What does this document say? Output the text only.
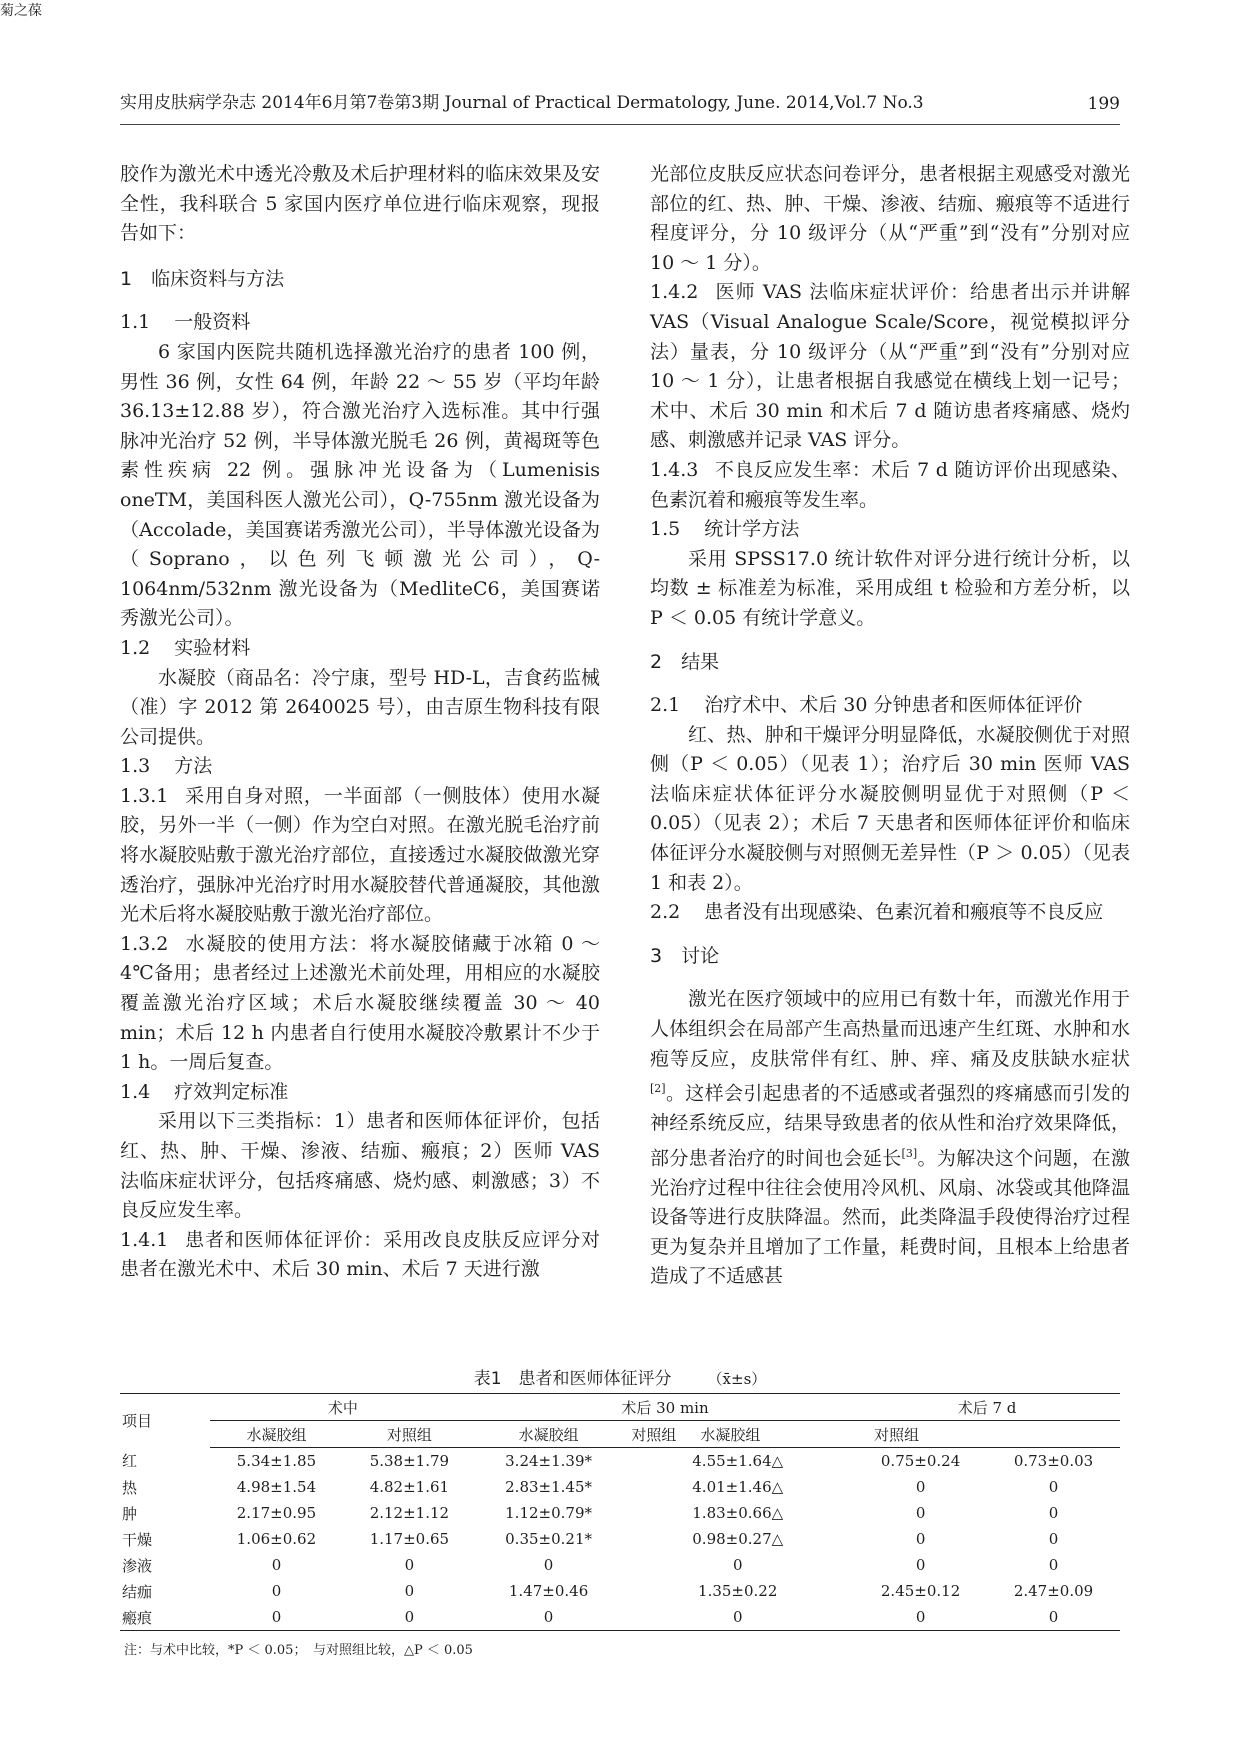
菊之葆
实用皮肤病学杂志 2014年6月第7卷第3期 Journal of Practical Dermatology, June. 2014,Vol.7 No.3	199

胶作为激光术中透光冷敷及术后护理材料的临床效果及安全性，我科联合 5 家国内医疗单位进行临床观察，现报告如下：

1　 临床资料与方法

1.1 一般资料

6 家国内医院共随机选择激光治疗的患者 100 例，男性 36 例，女性 64 例，年龄 22 ～ 55 岁（平均年龄 36.13±12.88 岁），符合激光治疗入选标准。其中行强脉冲光治疗 52 例，半导体激光脱毛 26 例，黄褐斑等色素性疾病 22 例。强脉冲光设备为（Lumenisis oneTM，美国科医人激光公司），Q-755nm 激光设备为（Accolade，美国赛诺秀激光公司），半导体激光设备为（Soprano，以色列飞顿激光公司），Q-1064nm/532nm 激光设备为（MedliteC6，美国赛诺秀激光公司）。

1.2 实验材料

水凝胶（商品名：冷宁康，型号 HD-L，吉食药监械（准）字 2012 第 2640025 号），由吉原生物科技有限公司提供。

1.3 方法

1.3.1 采用自身对照，一半面部（一侧肢体）使用水凝胶，另外一半（一侧）作为空白对照。在激光脱毛治疗前将水凝胶贴敷于激光治疗部位，直接透过水凝胶做激光穿透治疗，强脉冲光治疗时用水凝胶替代普通凝胶，其他激光术后将水凝胶贴敷于激光治疗部位。

1.3.2 水凝胶的使用方法：将水凝胶储藏于冰箱 0 ～ 4℃备用；患者经过上述激光术前处理，用相应的水凝胶覆盖激光治疗区域；术后水凝胶继续覆盖 30 ～ 40 min；术后 12 h 内患者自行使用水凝胶冷敷累计不少于 1 h。一周后复查。

1.4 疗效判定标准

采用以下三类指标：1）患者和医师体征评价，包括红、热、肿、干燥、渗液、结痂、瘢痕；2）医师 VAS 法临床症状评分，包括疼痛感、烧灼感、刺激感；3）不良反应发生率。

1.4.1 患者和医师体征评价：采用改良皮肤反应评分对患者在激光术中、术后 30 min、术后 7 天进行激

光部位皮肤反应状态问卷评分，患者根据主观感受对激光部位的红、热、肿、干燥、渗液、结痂、瘢痕等不适进行程度评分，分 10 级评分（从“严重”到“没有”分别对应 10 ～ 1 分）。

1.4.2 医师 VAS 法临床症状评价：给患者出示并讲解 VAS（Visual Analogue Scale/Score，视觉模拟评分法）量表，分 10 级评分（从“严重”到“没有”分别对应 10 ～ 1 分），让患者根据自我感觉在横线上划一记号；术中、术后 30 min 和术后 7 d 随访患者疼痛感、烧灼感、刺激感并记录 VAS 评分。

1.4.3 不良反应发生率：术后 7 d 随访评价出现感染、色素沉着和瘢痕等发生率。

1.5 统计学方法

采用 SPSS17.0 统计软件对评分进行统计分析，以均数 ± 标准差为标准，采用成组 t 检验和方差分析，以 P ＜ 0.05 有统计学意义。

2　 结果

2.1 治疗术中、术后 30 分钟患者和医师体征评价

红、热、肿和干燥评分明显降低，水凝胶侧优于对照侧（P ＜ 0.05）（见表 1）；治疗后 30 min 医师 VAS 法临床症状体征评分水凝胶侧明显优于对照侧（P ＜ 0.05）（见表 2）；术后 7 天患者和医师体征评价和临床体征评分水凝胶侧与对照侧无差异性（P ＞ 0.05）（见表 1 和表 2）。

2.2 患者没有出现感染、色素沉着和瘢痕等不良反应

3　 讨论

激光在医疗领域中的应用已有数十年，而激光作用于人体组织会在局部产生高热量而迅速产生红斑、水肿和水疱等反应，皮肤常伴有红、肿、痒、痛及皮肤缺水症状[2]。这样会引起患者的不适感或者强烈的疼痛感而引发的神经系统反应，结果导致患者的依从性和治疗效果降低，部分患者治疗的时间也会延长[3]。为解决这个问题，在激光治疗过程中往往会使用冷风机、风扇、冰袋或其他降温设备等进行皮肤降温。然而，此类降温手段使得治疗过程更为复杂并且增加了工作量，耗费时间，且根本上给患者造成了不适感甚

表1　患者和医师体征评分 （x̄±s）
项目	术中		术后 30 min		术后 7 d	
	水凝胶组	对照组	水凝胶组	对照组 水凝胶组	对照组	
红	5.34±1.85	5.38±1.79	3.24±1.39*	4.55±1.64△	0.75±0.24	0.73±0.03
热	4.98±1.54	4.82±1.61	2.83±1.45*	4.01±1.46△	0	0
肿	2.17±0.95	2.12±1.12	1.12±0.79*	1.83±0.66△	0	0
干燥	1.06±0.62	1.17±0.65	0.35±0.21*	0.98±0.27△	0	0
渗液	0	0	0	0	0	0
结痂	0	0	1.47±0.46	1.35±0.22	2.45±0.12	2.47±0.09
瘢痕	0	0	0	0	0	0
注：与术中比较，*P ＜ 0.05；　与对照组比较，△P ＜ 0.05
